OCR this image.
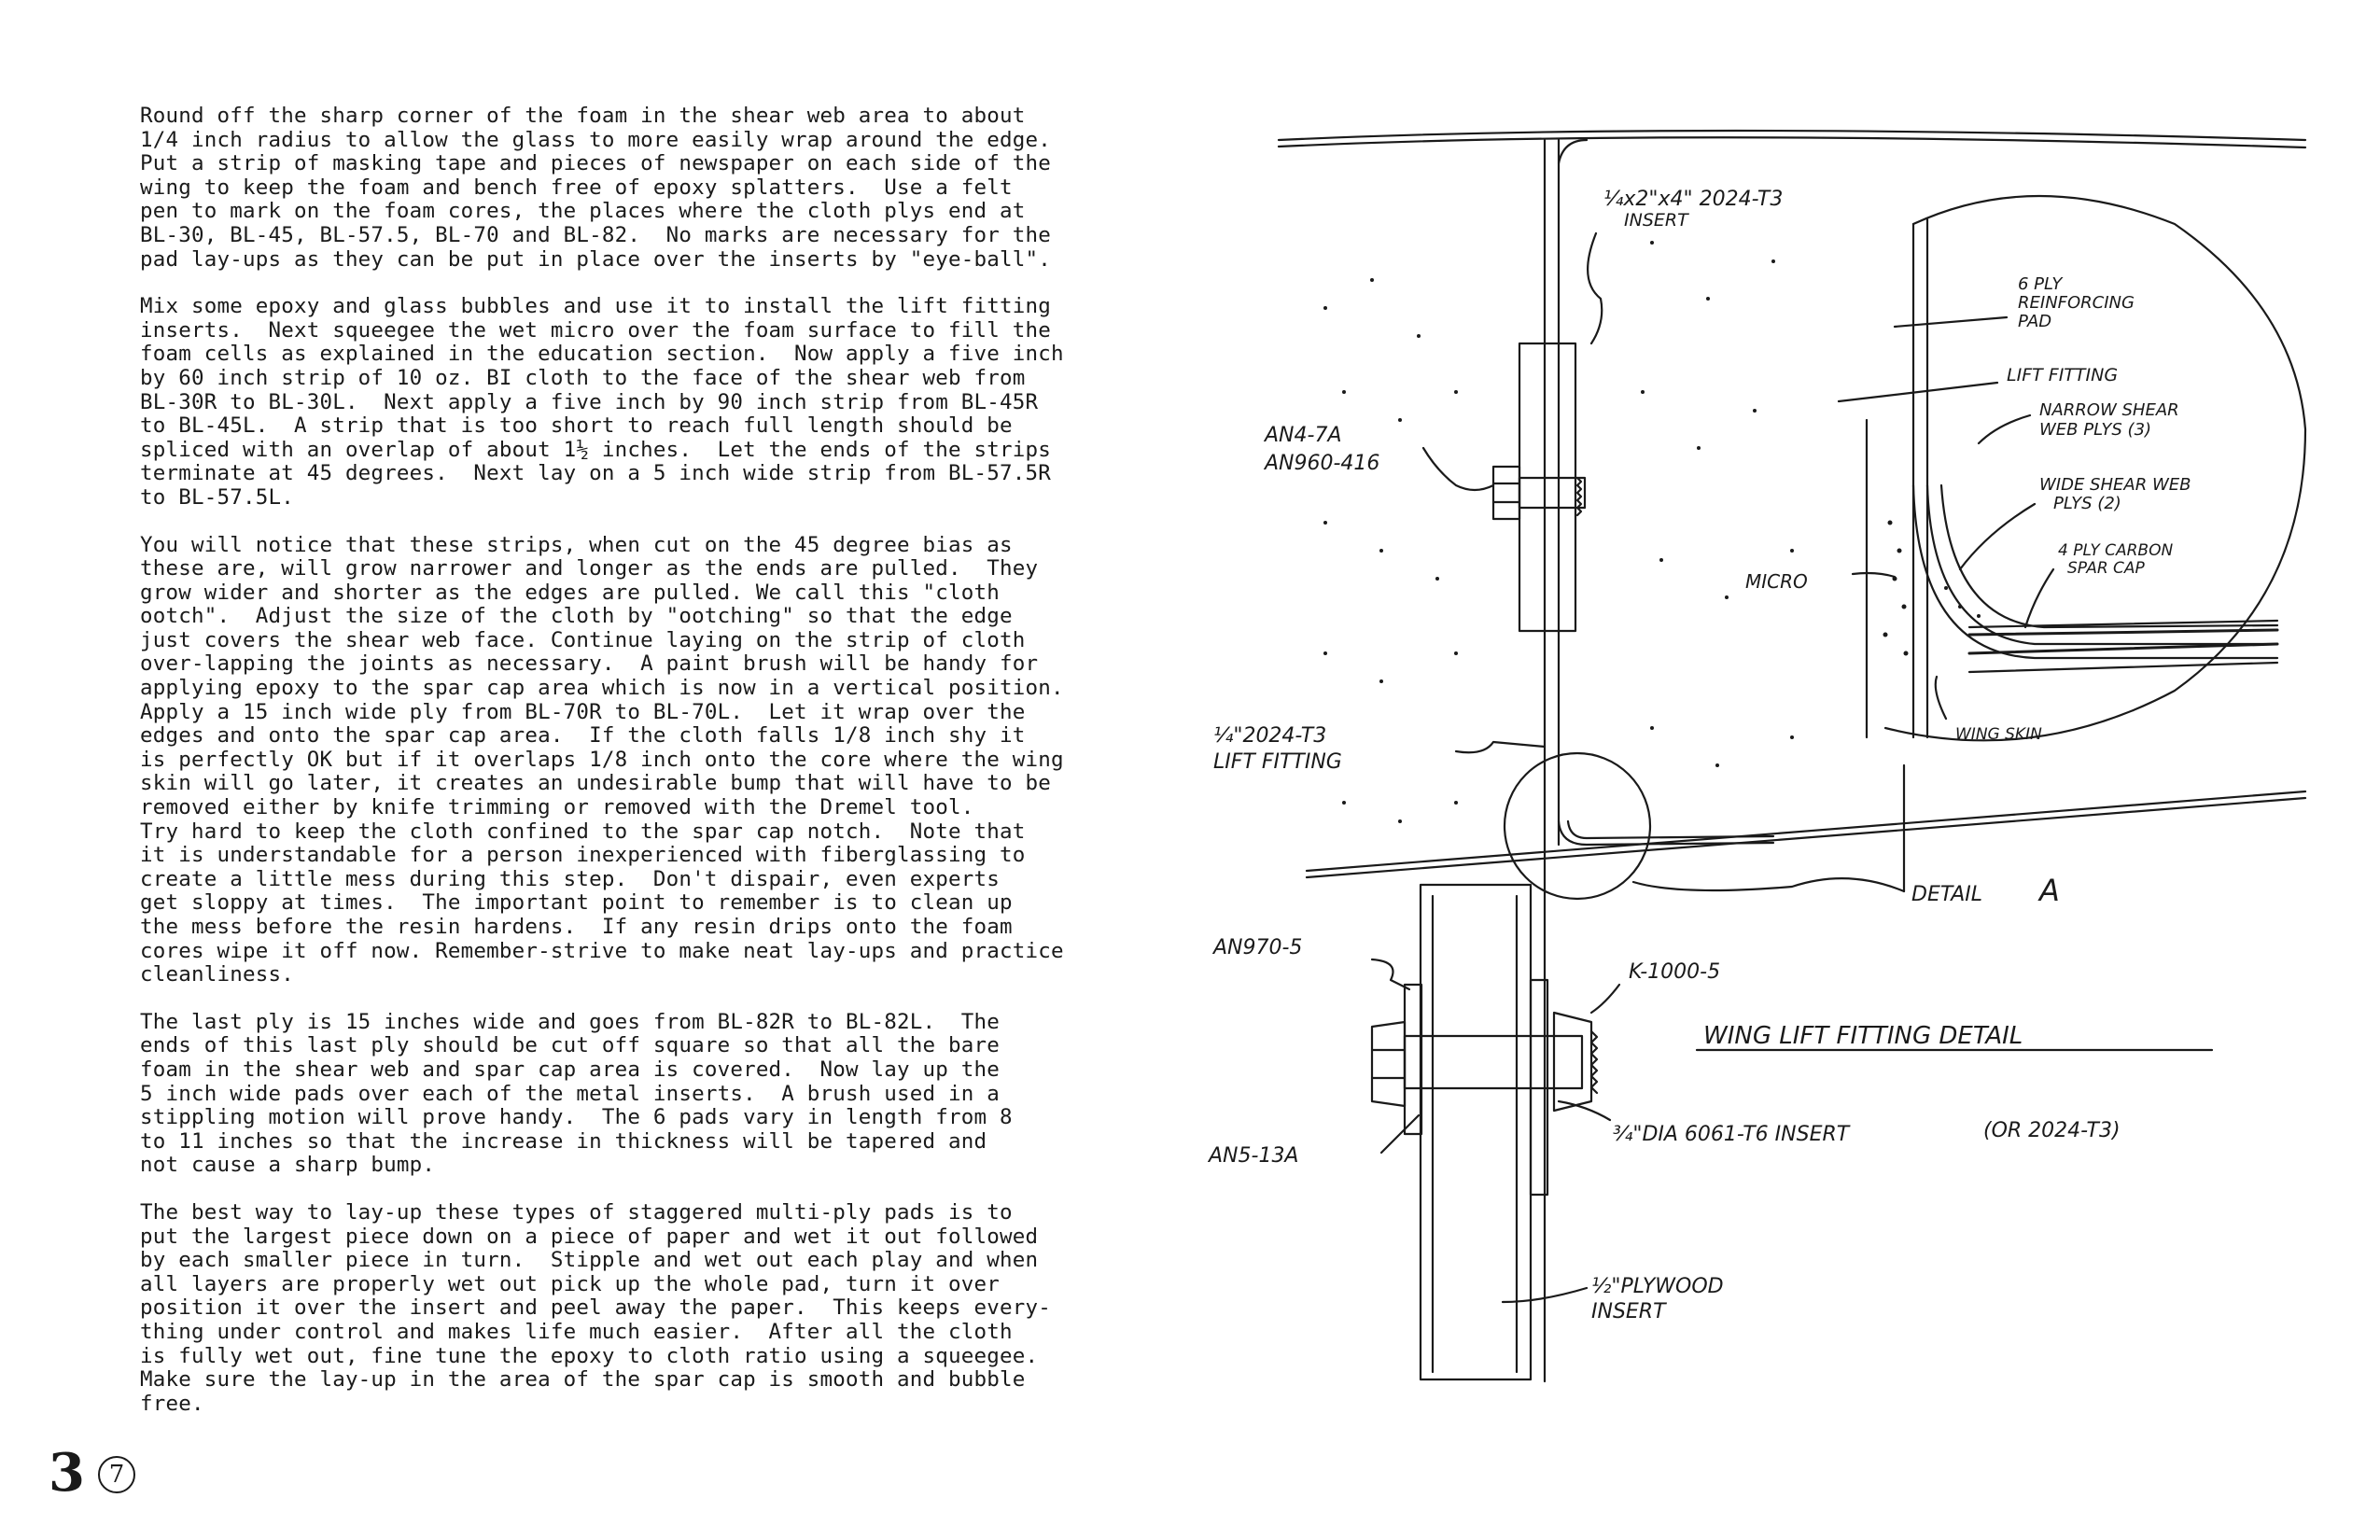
Round off the sharp corner of the foam in the shear web area to about
1/4 inch radius to allow the glass to more easily wrap around the edge.
Put a strip of masking tape and pieces of newspaper on each side of the
wing to keep the foam and bench free of epoxy splatters.  Use a felt
pen to mark on the foam cores, the places where the cloth plys end at
BL-30, BL-45, BL-57.5, BL-70 and BL-82.  No marks are necessary for the
pad lay-ups as they can be put in place over the inserts by "eye-ball".

Mix some epoxy and glass bubbles and use it to install the lift fitting
inserts.  Next squeegee the wet micro over the foam surface to fill the
foam cells as explained in the education section.  Now apply a five inch
by 60 inch strip of 10 oz. BI cloth to the face of the shear web from
BL-30R to BL-30L.  Next apply a five inch by 90 inch strip from BL-45R
to BL-45L.  A strip that is too short to reach full length should be
spliced with an overlap of about 1½ inches.  Let the ends of the strips
terminate at 45 degrees.  Next lay on a 5 inch wide strip from BL-57.5R
to BL-57.5L.

You will notice that these strips, when cut on the 45 degree bias as
these are, will grow narrower and longer as the ends are pulled.  They
grow wider and shorter as the edges are pulled. We call this "cloth
ootch".  Adjust the size of the cloth by "ootching" so that the edge
just covers the shear web face. Continue laying on the strip of cloth
over-lapping the joints as necessary.  A paint brush will be handy for
applying epoxy to the spar cap area which is now in a vertical position.
Apply a 15 inch wide ply from BL-70R to BL-70L.  Let it wrap over the
edges and onto the spar cap area.  If the cloth falls 1/8 inch shy it
is perfectly OK but if it overlaps 1/8 inch onto the core where the wing
skin will go later, it creates an undesirable bump that will have to be
removed either by knife trimming or removed with the Dremel tool.
Try hard to keep the cloth confined to the spar cap notch.  Note that
it is understandable for a person inexperienced with fiberglassing to
create a little mess during this step.  Don't dispair, even experts
get sloppy at times.  The important point to remember is to clean up
the mess before the resin hardens.  If any resin drips onto the foam
cores wipe it off now. Remember-strive to make neat lay-ups and practice
cleanliness.

The last ply is 15 inches wide and goes from BL-82R to BL-82L.  The
ends of this last ply should be cut off square so that all the bare
foam in the shear web and spar cap area is covered.  Now lay up the
5 inch wide pads over each of the metal inserts.  A brush used in a
stippling motion will prove handy.  The 6 pads vary in length from 8
to 11 inches so that the increase in thickness will be tapered and
not cause a sharp bump.

The best way to lay-up these types of staggered multi-ply pads is to
put the largest piece down on a piece of paper and wet it out followed
by each smaller piece in turn.  Stipple and wet out each play and when
all layers are properly wet out pick up the whole pad, turn it over
position it over the insert and peel away the paper.  This keeps every-
thing under control and makes life much easier.  After all the cloth
is fully wet out, fine tune the epoxy to cloth ratio using a squeegee.
Make sure the lay-up in the area of the spar cap is smooth and bubble
free.

3 7
¼x2"x4" 2024-T3
INSERT
AN4-7A
AN960-416
¼"2024-T3
LIFT FITTING
AN970-5
K-1000-5
AN5-13A
¾"DIA 6061-T6 INSERT	(OR 2024-T3)
½"PLYWOOD
INSERT
DETAIL A
6 PLY
REINFORCING
PAD
LIFT FITTING
NARROW SHEAR
WEB PLYS (3)
WIDE SHEAR WEB
PLYS (2)
4 PLY CARBON
SPAR CAP
MICRO
WING SKIN
WING LIFT FITTING DETAIL
